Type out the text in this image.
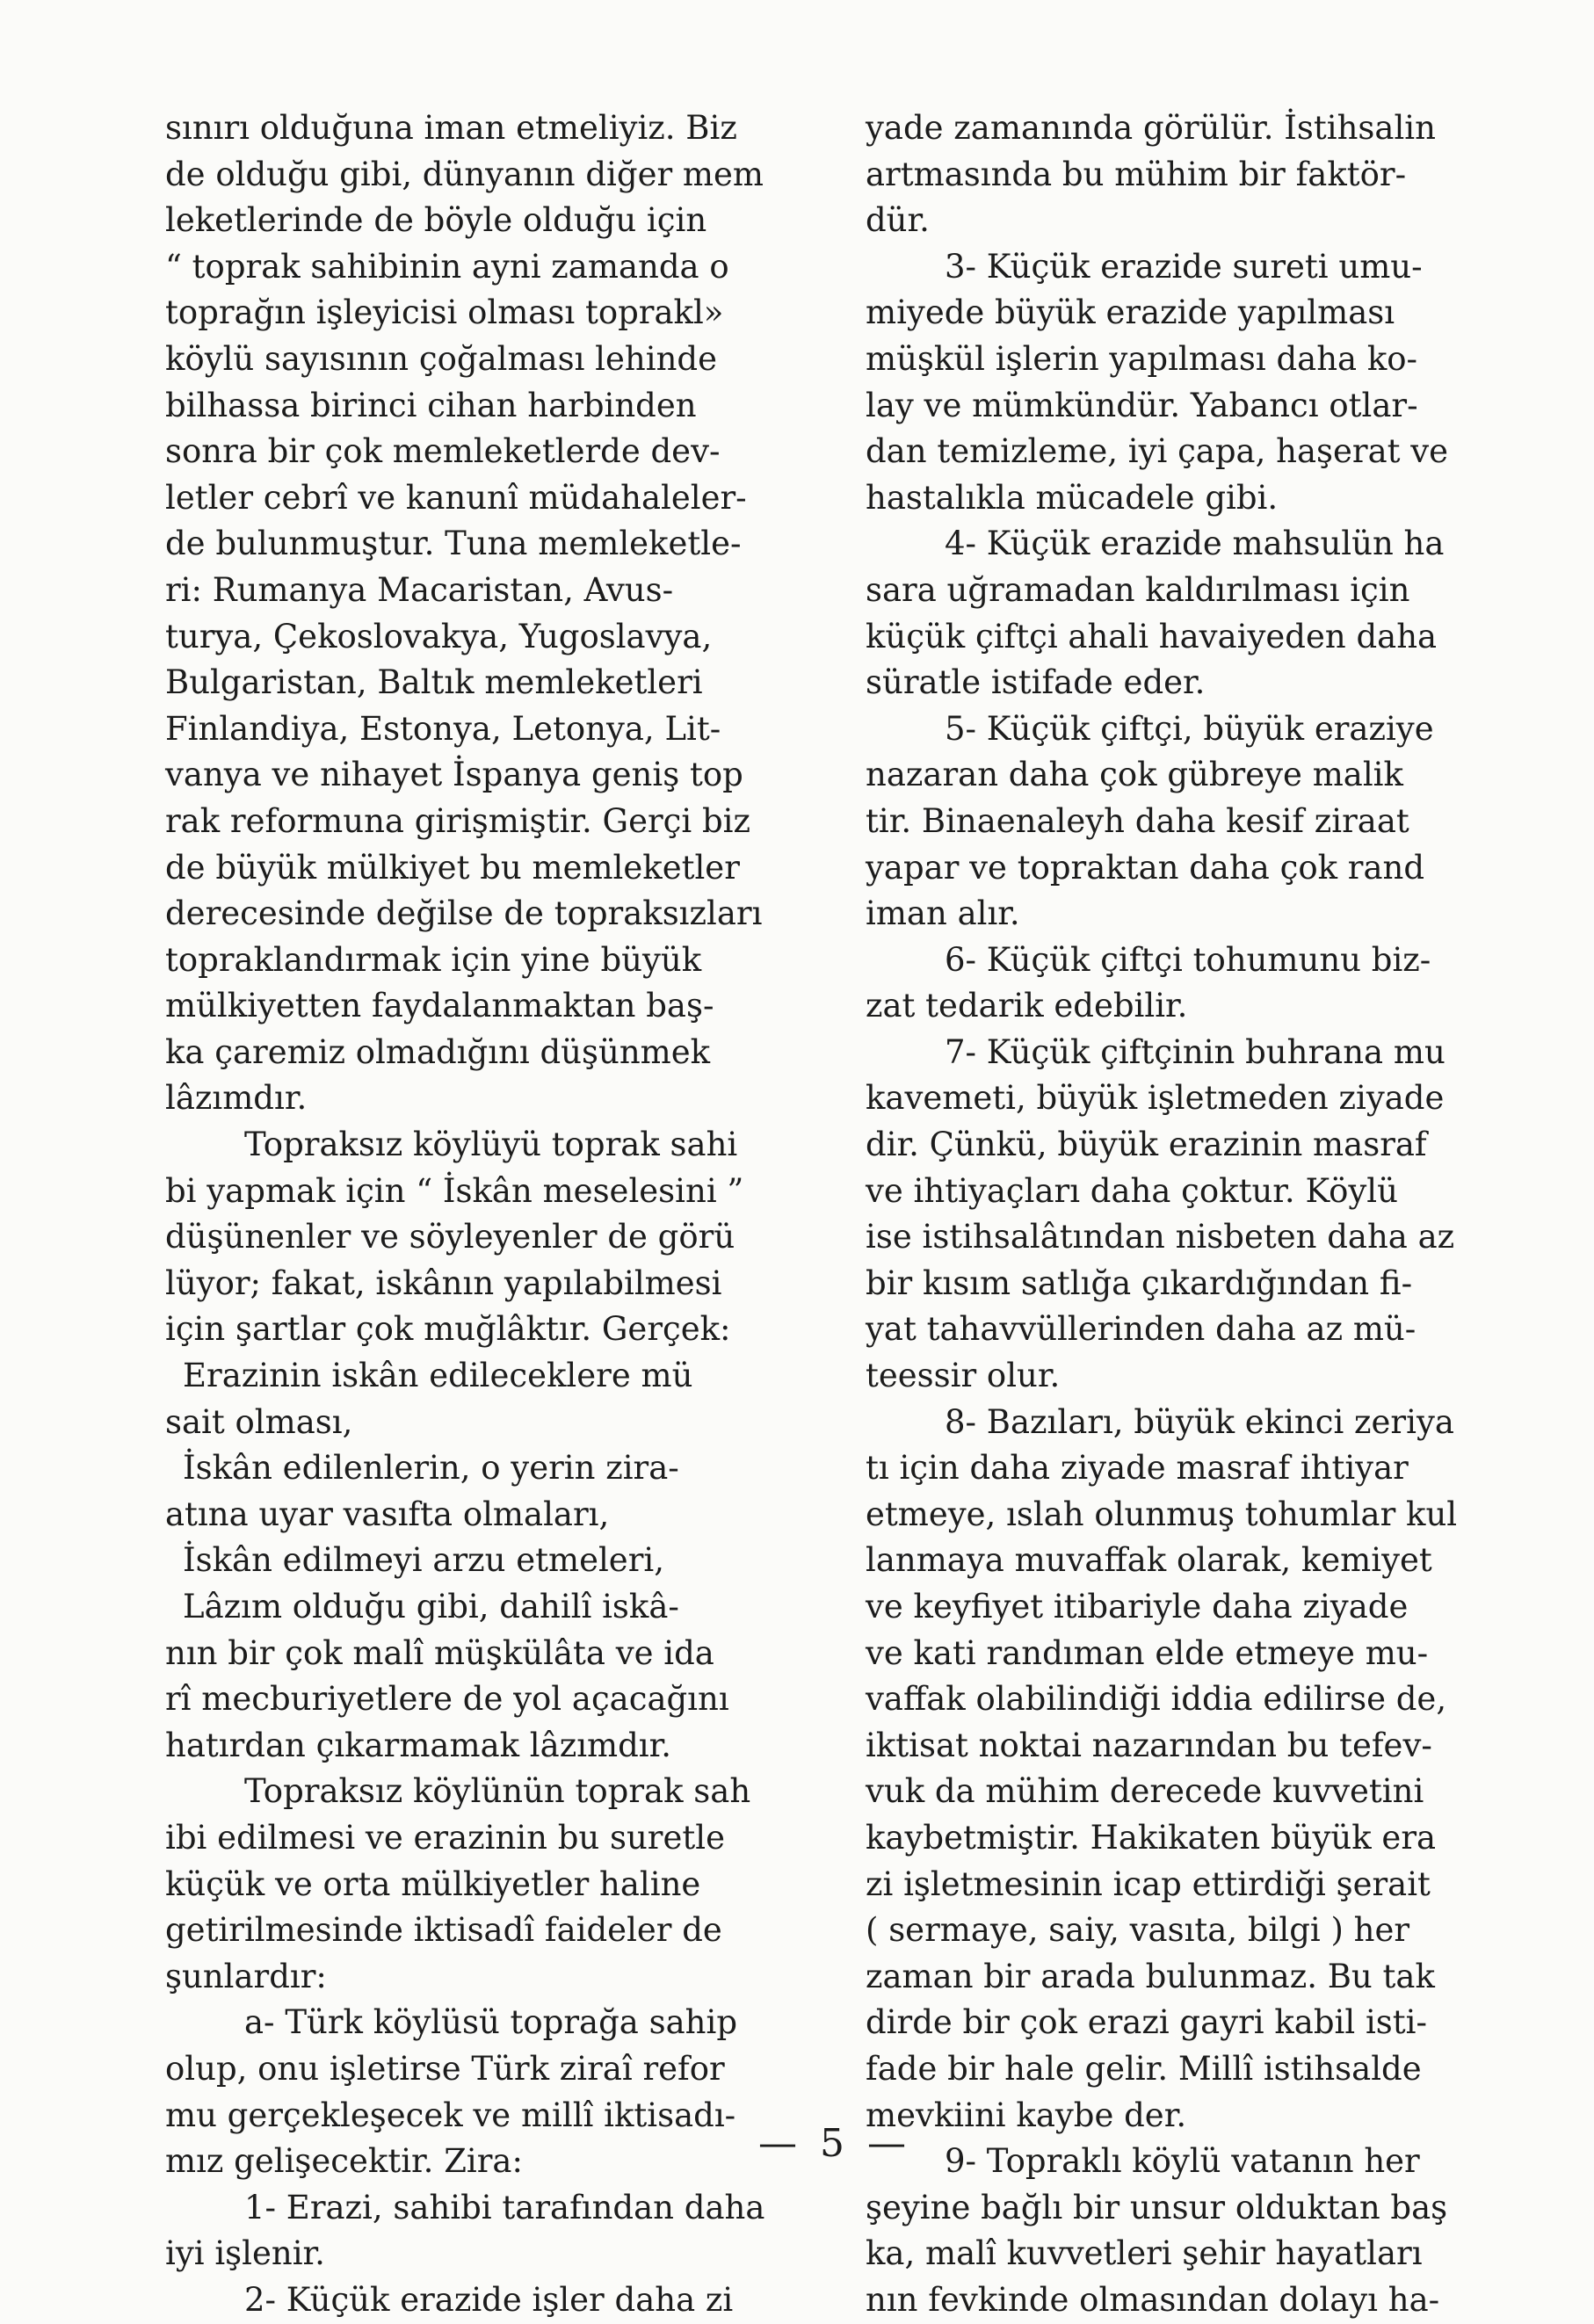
sınırı olduğuna iman etmeliyiz. Biz
de olduğu gibi, dünyanın diğer mem
leketlerinde de böyle olduğu için
“ toprak sahibinin ayni zamanda o
toprağın işleyicisi olması toprakl»
köylü sayısının çoğalması lehinde
bilhassa birinci cihan harbinden
sonra bir çok memleketlerde dev-
letler cebrî ve kanunî müdahaleler-
de bulunmuştur. Tuna memleketle-
ri: Rumanya Macaristan, Avus-
turya, Çekoslovakya, Yugoslavya,
Bulgaristan, Baltık memleketleri
Finlandiya, Estonya, Letonya, Lit-
vanya ve nihayet İspanya geniş top
rak reformuna girişmiştir. Gerçi biz
de büyük mülkiyet bu memleketler
derecesinde değilse de topraksızları
topraklandırmak için yine büyük
mülkiyetten faydalanmaktan baş-
ka çaremiz olmadığını düşünmek
lâzımdır.
Topraksız köylüyü toprak sahi
bi yapmak için “ İskân meselesini ”
düşünenler ve söyleyenler de görü
lüyor; fakat, iskânın yapılabilmesi
için şartlar çok muğlâktır. Gerçek:
Erazinin iskân edileceklere mü
sait olması,
İskân edilenlerin, o yerin zira-
atına uyar vasıfta olmaları,
İskân edilmeyi arzu etmeleri,
Lâzım olduğu gibi, dahilî iskâ-
nın bir çok malî müşkülâta ve ida
rî mecburiyetlere de yol açacağını
hatırdan çıkarmamak lâzımdır.
Topraksız köylünün toprak sah
ibi edilmesi ve erazinin bu suretle
küçük ve orta mülkiyetler haline
getirilmesinde iktisadî faideler de
şunlardır:
a- Türk köylüsü toprağa sahip
olup, onu işletirse Türk ziraî refor
mu gerçekleşecek ve millî iktisadı-
mız gelişecektir. Zira:
1- Erazi, sahibi tarafından daha
iyi işlenir.
2- Küçük erazide işler daha zi
yade zamanında görülür. İstihsalin
artmasında bu mühim bir faktör-
dür.
3- Küçük erazide sureti umu-
miyede büyük erazide yapılması
müşkül işlerin yapılması daha ko-
lay ve mümkündür. Yabancı otlar-
dan temizleme, iyi çapa, haşerat ve
hastalıkla mücadele gibi.
4- Küçük erazide mahsulün ha
sara uğramadan kaldırılması için
küçük çiftçi ahali havaiyeden daha
süratle istifade eder.
5- Küçük çiftçi, büyük eraziye
nazaran daha çok gübreye malik
tir. Binaenaleyh daha kesif ziraat
yapar ve topraktan daha çok rand
iman alır.
6- Küçük çiftçi tohumunu biz-
zat tedarik edebilir.
7- Küçük çiftçinin buhrana mu
kavemeti, büyük işletmeden ziyade
dir. Çünkü, büyük erazinin masraf
ve ihtiyaçları daha çoktur. Köylü
ise istihsalâtından nisbeten daha az
bir kısım satlığa çıkardığından fi-
yat tahavvüllerinden daha az mü-
teessir olur.
8- Bazıları, büyük ekinci zeriya
tı için daha ziyade masraf ihtiyar
etmeye, ıslah olunmuş tohumlar kul
lanmaya muvaffak olarak, kemiyet
ve keyfiyet itibariyle daha ziyade
ve kati randıman elde etmeye mu-
vaffak olabilindiği iddia edilirse de,
iktisat noktai nazarından bu tefev-
vuk da mühim derecede kuvvetini
kaybetmiştir. Hakikaten büyük era
zi işletmesinin icap ettirdiği şerait
( sermaye, saiy, vasıta, bilgi ) her
zaman bir arada bulunmaz. Bu tak
dirde bir çok erazi gayri kabil isti-
fade bir hale gelir. Millî istihsalde
mevkiini kaybe der.
9- Topraklı köylü vatanın her
şeyine bağlı bir unsur olduktan baş
ka, malî kuvvetleri şehir hayatları
nın fevkinde olmasından dolayı ha-
— 5 —
